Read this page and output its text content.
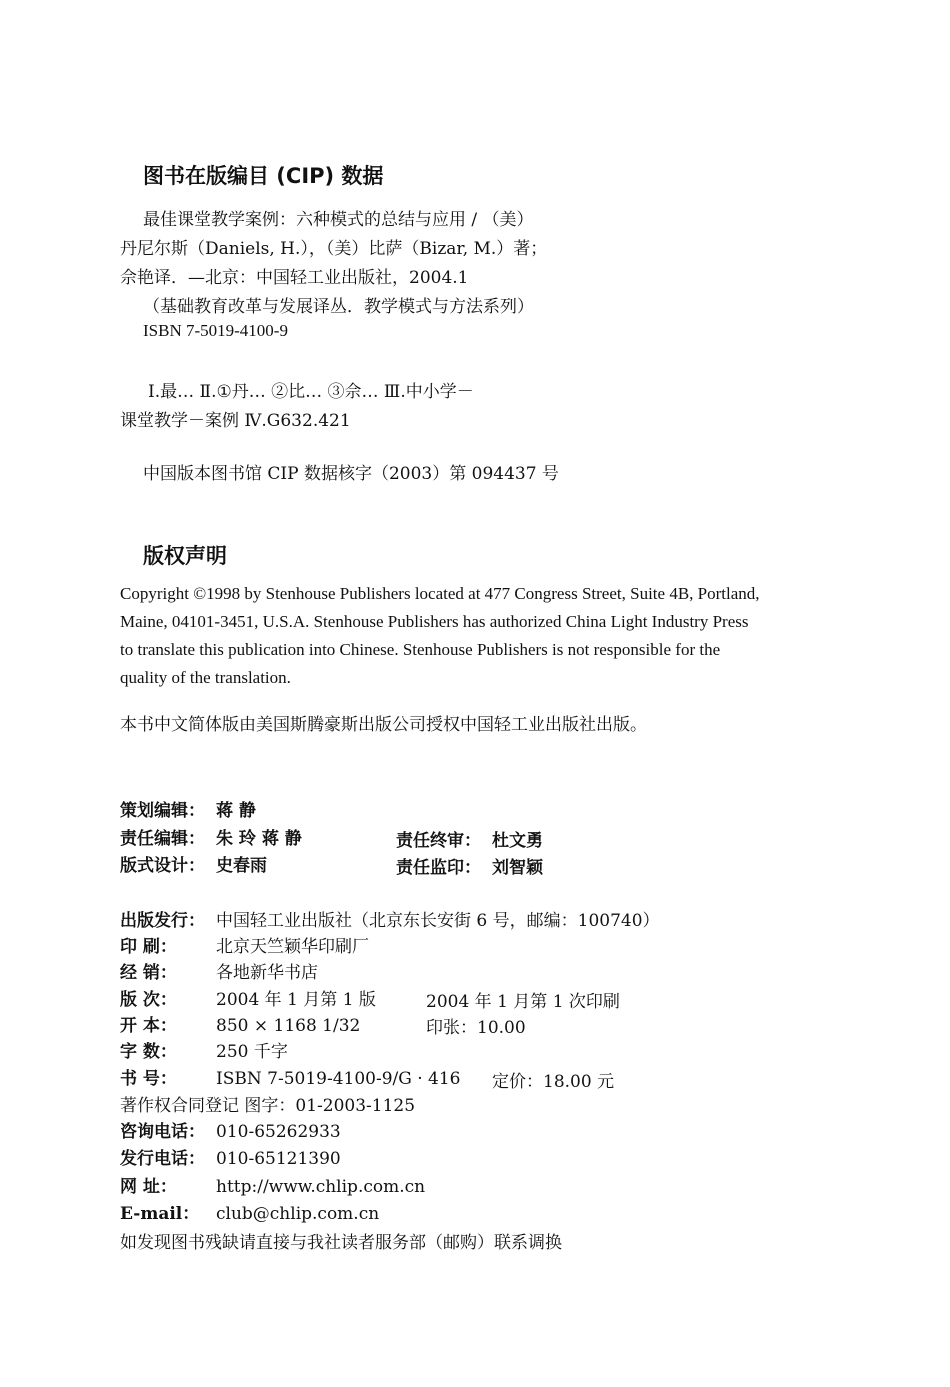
图书在版编目 (CIP) 数据
最佳课堂教学案例：六种模式的总结与应用 / （美）
丹尼尔斯（Daniels, H.），（美）比萨（Bizar, M.）著；
佘艳译．—北京：中国轻工业出版社，2004.1
（基础教育改革与发展译丛．教学模式与方法系列）
ISBN 7-5019-4100-9
Ⅰ.最… Ⅱ.①丹… ②比… ③佘… Ⅲ.中小学－
课堂教学－案例 Ⅳ.G632.421
中国版本图书馆 CIP 数据核字（2003）第 094437 号
版权声明
Copyright ©1998 by Stenhouse Publishers located at 477 Congress Street, Suite 4B, Portland,
Maine, 04101-3451, U.S.A. Stenhouse Publishers has authorized China Light Industry Press
to translate this publication into Chinese. Stenhouse Publishers is not responsible for the
quality of the translation.
本书中文简体版由美国斯腾豪斯出版公司授权中国轻工业出版社出版。
策划编辑： 蒋 静
责任编辑： 朱 玲 蒋 静	责任终审： 杜文勇
版式设计： 史春雨	责任监印： 刘智颖
出版发行： 中国轻工业出版社（北京东长安街 6 号，邮编：100740）
印 刷： 北京天竺颖华印刷厂
经 销： 各地新华书店
版 次： 2004 年 1 月第 1 版	2004 年 1 月第 1 次印刷
开 本： 850 × 1168 1/32	印张：10.00
字 数： 250 千字
书 号： ISBN 7-5019-4100-9/G · 416 定价：18.00 元
著作权合同登记 图字：01-2003-1125
咨询电话： 010-65262933
发行电话： 010-65121390
网 址： http://www.chlip.com.cn
E-mail： club@chlip.com.cn
如发现图书残缺请直接与我社读者服务部（邮购）联系调换
